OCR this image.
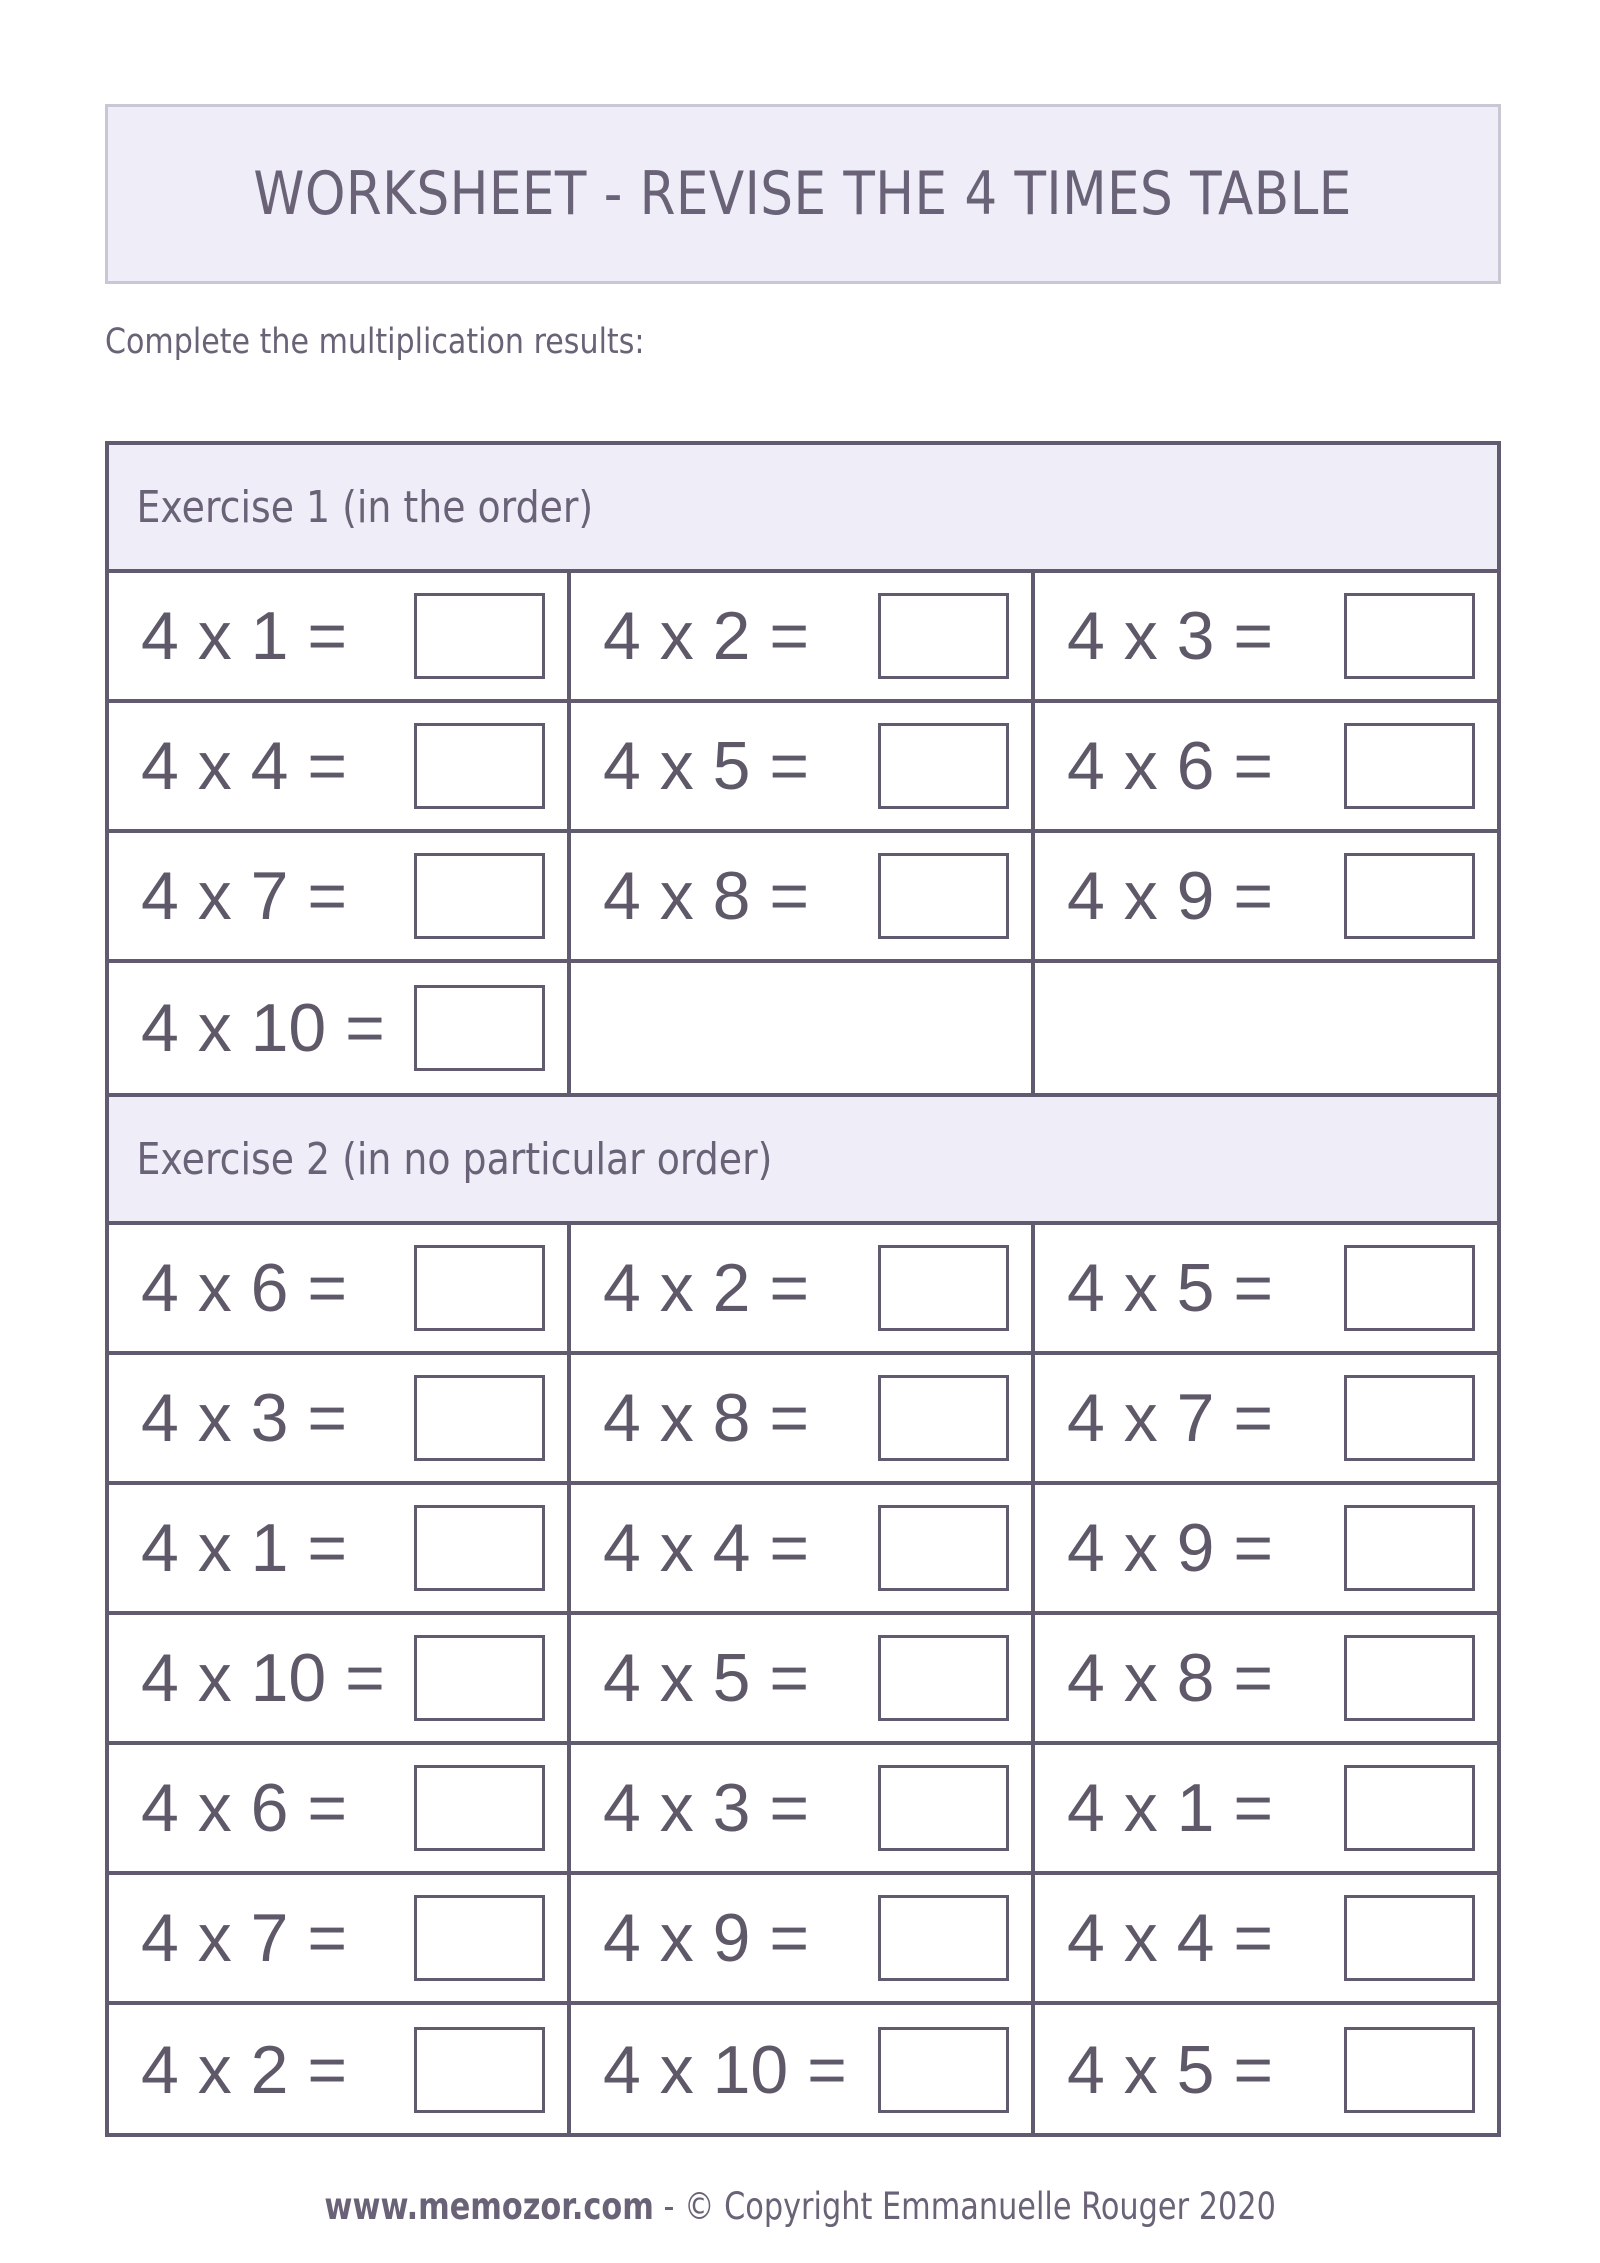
WORKSHEET - REVISE THE 4 TIMES TABLE
Complete the multiplication results:
Exercise 1 (in the order)
4 x 1 =	4 x 2 =	4 x 3 =
4 x 4 =	4 x 5 =	4 x 6 =
4 x 7 =	4 x 8 =	4 x 9 =
4 x 10 =
Exercise 2 (in no particular order)
4 x 6 =	4 x 2 =	4 x 5 =
4 x 3 =	4 x 8 =	4 x 7 =
4 x 1 =	4 x 4 =	4 x 9 =
4 x 10 =	4 x 5 =	4 x 8 =
4 x 6 =	4 x 3 =	4 x 1 =
4 x 7 =	4 x 9 =	4 x 4 =
4 x 2 =	4 x 10 =	4 x 5 =
www.memozor.com - © Copyright Emmanuelle Rouger 2020
